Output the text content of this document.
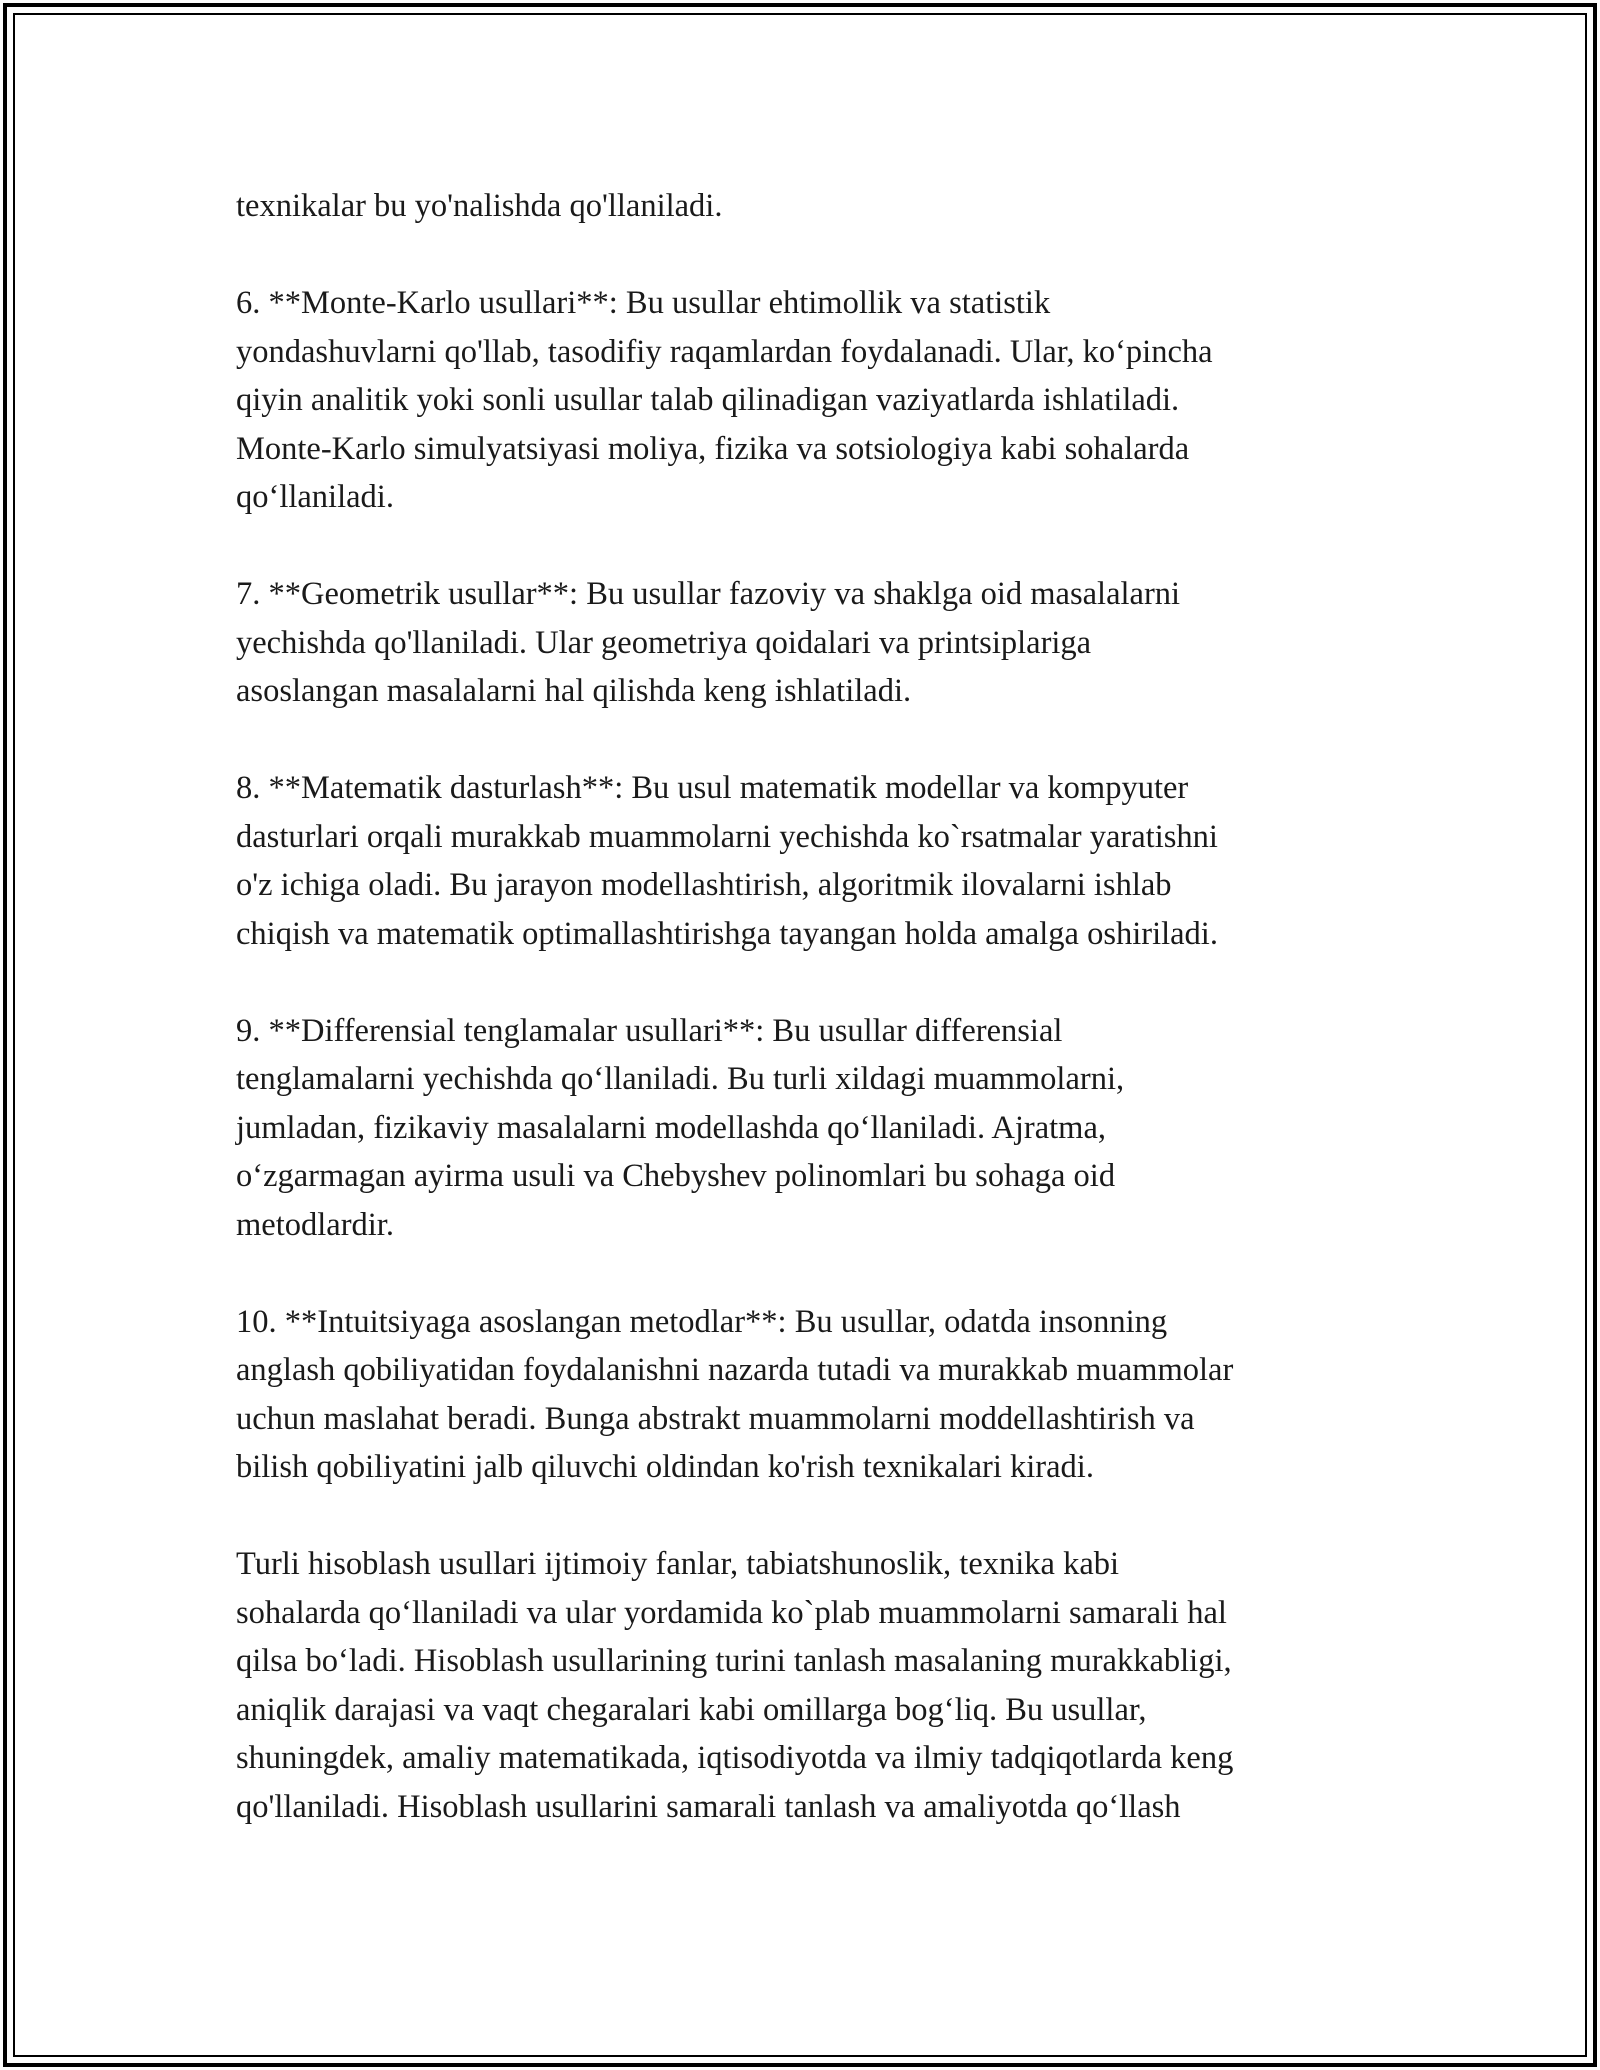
texnikalar bu yo'nalishda qo'llaniladi.

6. **Monte-Karlo usullari**: Bu usullar ehtimollik va statistik
yondashuvlarni qo'llab, tasodifiy raqamlardan foydalanadi. Ular, ko‘pincha
qiyin analitik yoki sonli usullar talab qilinadigan vaziyatlarda ishlatiladi.
Monte-Karlo simulyatsiyasi moliya, fizika va sotsiologiya kabi sohalarda
qo‘llaniladi.

7. **Geometrik usullar**: Bu usullar fazoviy va shaklga oid masalalarni
yechishda qo'llaniladi. Ular geometriya qoidalari va printsiplariga
asoslangan masalalarni hal qilishda keng ishlatiladi.

8. **Matematik dasturlash**: Bu usul matematik modellar va kompyuter
dasturlari orqali murakkab muammolarni yechishda ko`rsatmalar yaratishni
o'z ichiga oladi. Bu jarayon modellashtirish, algoritmik ilovalarni ishlab
chiqish va matematik optimallashtirishga tayangan holda amalga oshiriladi.

9. **Differensial tenglamalar usullari**: Bu usullar differensial
tenglamalarni yechishda qo‘llaniladi. Bu turli xildagi muammolarni,
jumladan, fizikaviy masalalarni modellashda qo‘llaniladi. Ajratma,
o‘zgarmagan ayirma usuli va Chebyshev polinomlari bu sohaga oid
metodlardir.

10. **Intuitsiyaga asoslangan metodlar**: Bu usullar, odatda insonning
anglash qobiliyatidan foydalanishni nazarda tutadi va murakkab muammolar
uchun maslahat beradi. Bunga abstrakt muammolarni moddellashtirish va
bilish qobiliyatini jalb qiluvchi oldindan ko'rish texnikalari kiradi.

Turli hisoblash usullari ijtimoiy fanlar, tabiatshunoslik, texnika kabi
sohalarda qo‘llaniladi va ular yordamida ko`plab muammolarni samarali hal
qilsa bo‘ladi. Hisoblash usullarining turini tanlash masalaning murakkabligi,
aniqlik darajasi va vaqt chegaralari kabi omillarga bog‘liq. Bu usullar,
shuningdek, amaliy matematikada, iqtisodiyotda va ilmiy tadqiqotlarda keng
qo'llaniladi. Hisoblash usullarini samarali tanlash va amaliyotda qo‘llash
